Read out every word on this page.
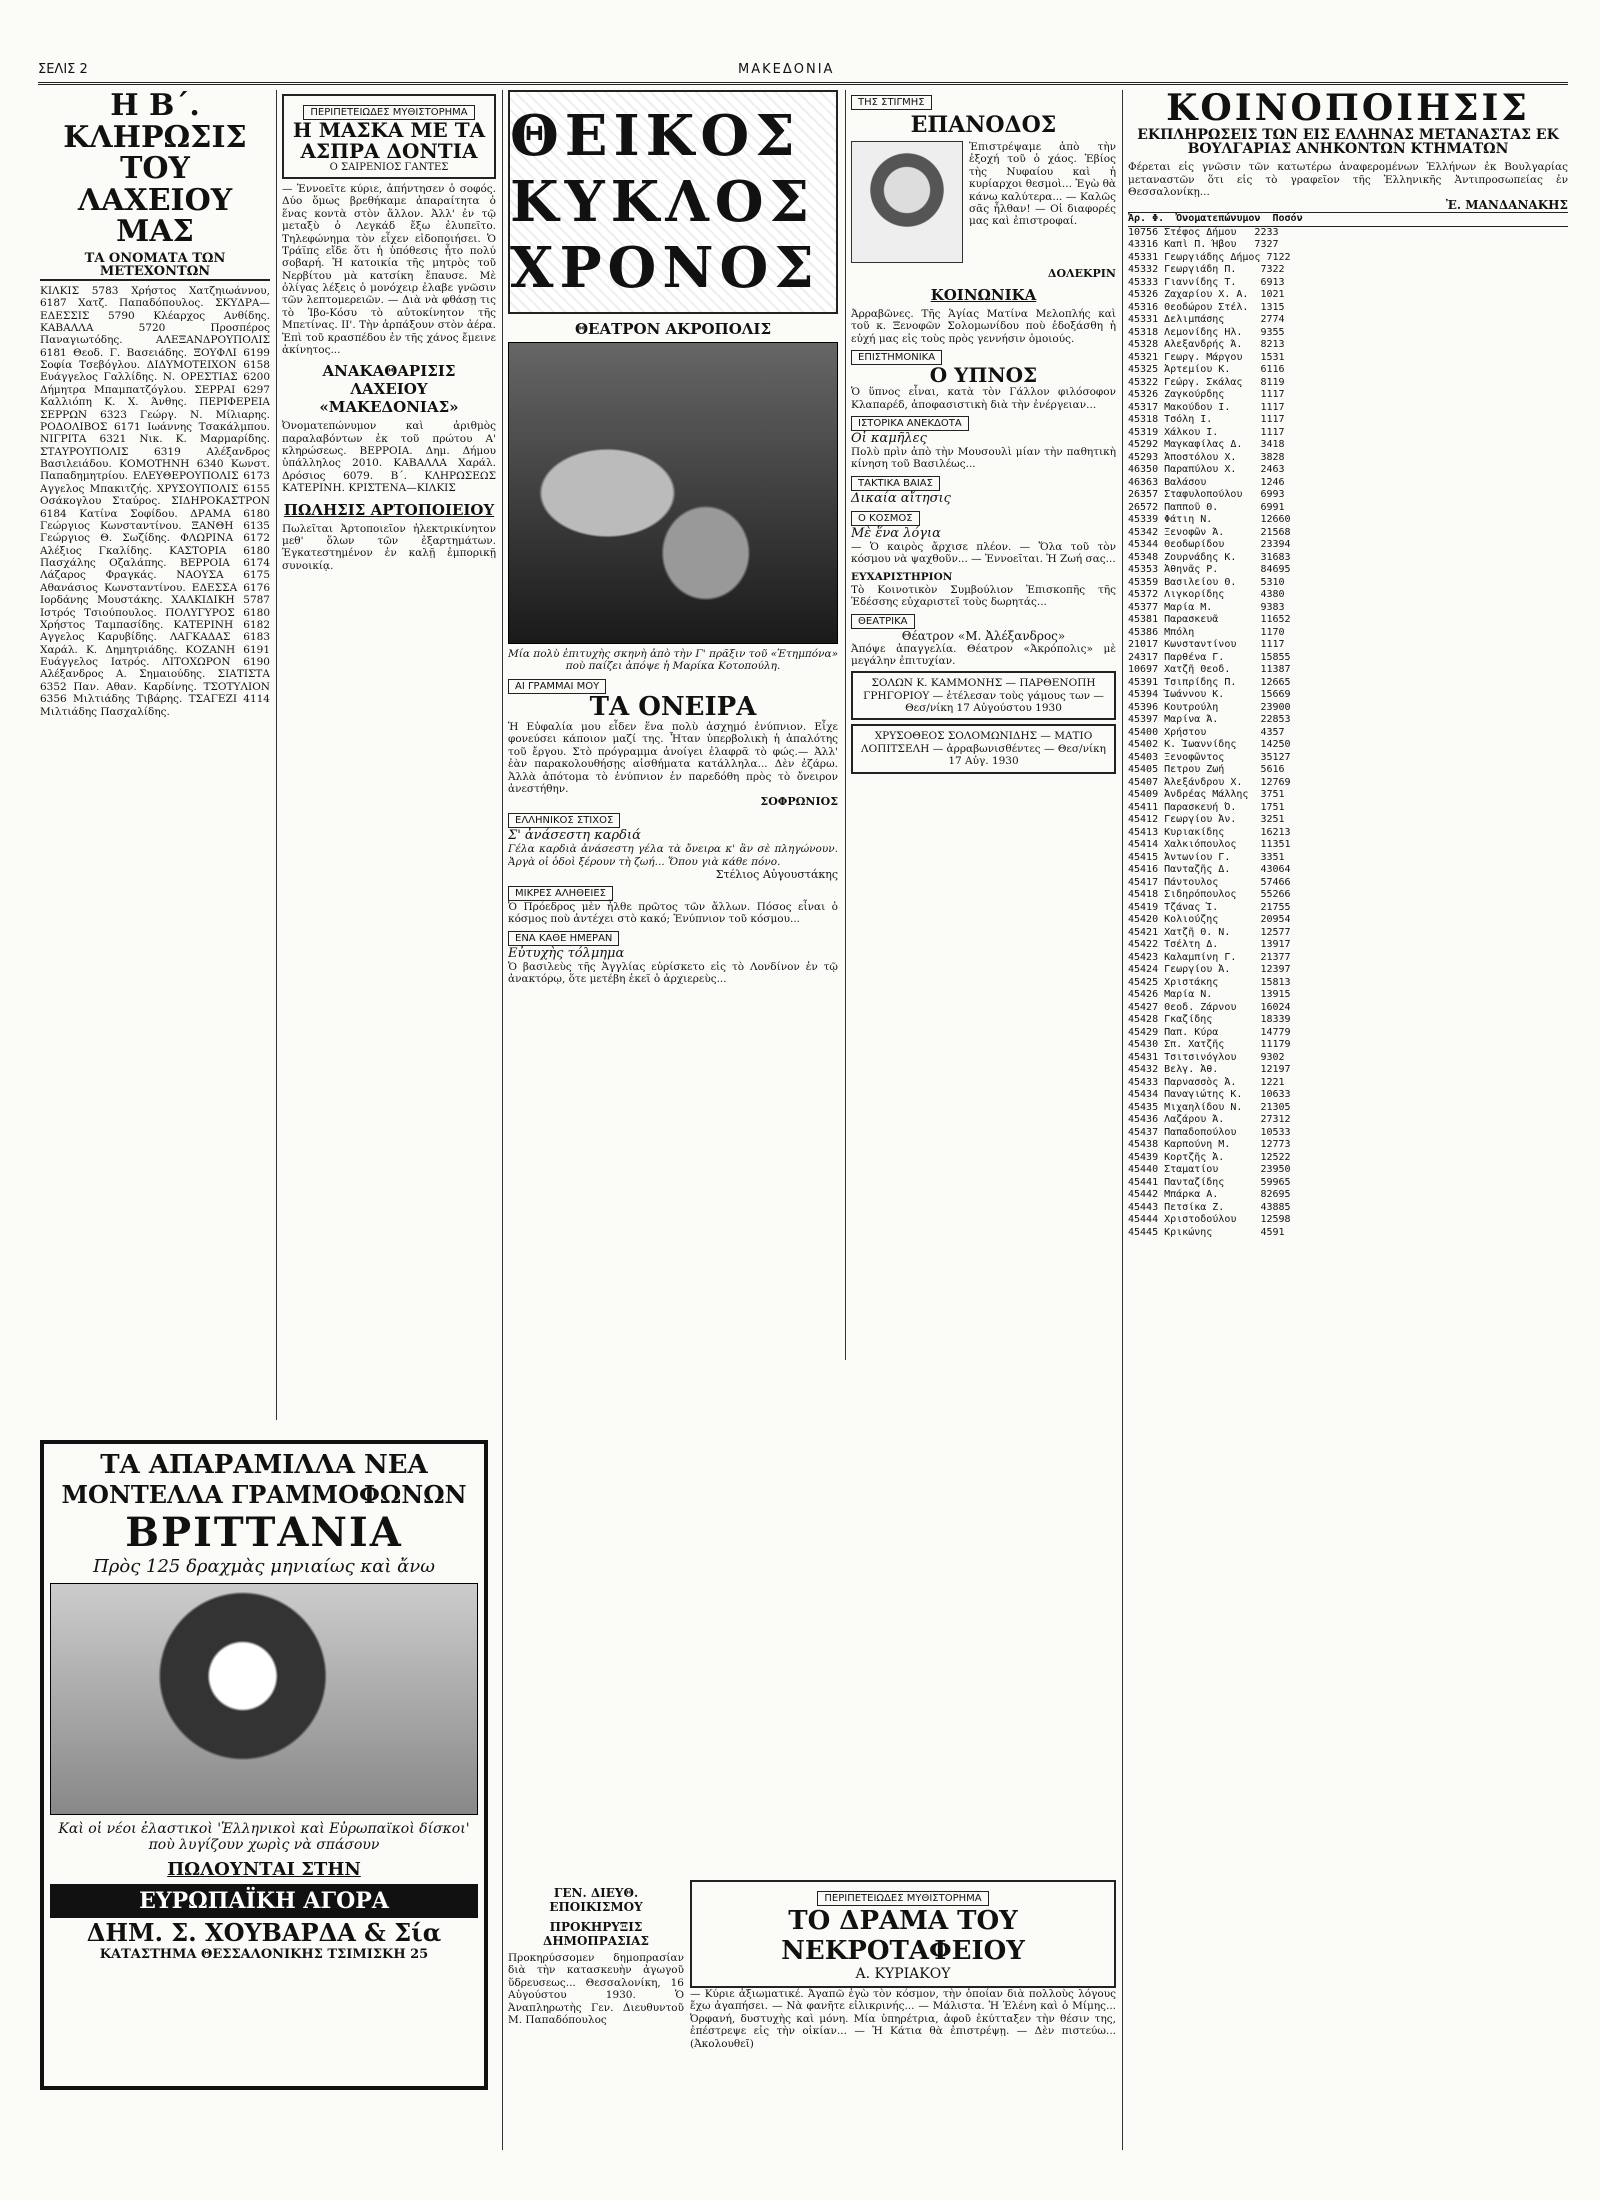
ΣΕΛΙΣ 2	ΜΑΚΕΔΟΝΙΑ
Η Β΄. ΚΛΗΡΩΣΙΣ
ΤΟΥ ΛΑΧΕΙΟΥ ΜΑΣ
ΤΑ ΟΝΟΜΑΤΑ ΤΩΝ ΜΕΤΕΧΟΝΤΩΝ
ΚΙΛΚΙΣ 5783 Χρήστος Χατζηιωάννου, 6187 Χατζ. Παπαδόπουλος. ΣΚΥΔΡΑ—ΕΔΕΣΣΙΣ 5790 Κλέαρχος Ανθίδης. ΚΑΒΑΛΛΑ 5720 Προσπέρος Παναγιωτόδης. ΑΛΕΞΑΝΔΡΟΥΠΟΛΙΣ 6181 Θεοδ. Γ. Βασειάδης. ΞΟΥΦΛΙ 6199 Σοφία Τσεβόγλου. ΔΙΔΥΜΟΤΕΙΧΟΝ 6158 Ευάγγελος Γαλλίδης. Ν. ΟΡΕΣΤΙΑΣ 6200 Δήμητρα Μπαμπατζόγλου. ΣΕΡΡΑΙ 6297 Καλλιόπη Κ. Χ. Άνθης. ΠΕΡΙΦΕΡΕΙΑ ΣΕΡΡΩΝ 6323 Γεώργ. Ν. Μίλιαρης. ΡΟΔΟΛΙΒΟΣ 6171 Ιωάννης Τσακάλμπου. ΝΙΓΡΙΤΑ 6321 Νικ. Κ. Μαρμαρίδης. ΣΤΑΥΡΟΥΠΟΛΙΣ 6319 Αλέξανδρος Βασιλειάδου. ΚΟΜΟΤΗΝΗ 6340 Κωνστ. Παπαδημητρίου. ΕΛΕΥΘΕΡΟΥΠΟΛΙΣ 6173 Αγγελος Μπακιτζής. ΧΡΥΣΟΥΠΟΛΙΣ 6155 Οσάκογλου Σταύρος. ΣΙΔΗΡΟΚΑΣΤΡΟΝ 6184 Κατίνα Σοφίδου. ΔΡΑΜΑ 6180 Γεώργιος Κωνσταντίνου. ΞΑΝΘΗ 6135 Γεώργιος Θ. Σωζίδης. ΦΛΩΡΙΝΑ 6172 Αλέξιος Γκαλίδης. ΚΑΣΤΟΡΙΑ 6180 Πασχάλης Οζαλάπης. ΒΕΡΡΟΙΑ 6174 Λάζαρος Φραγκάς. ΝΑΟΥΣΑ 6175 Αθανάσιος Κωνσταντίνου. ΕΔΕΣΣΑ 6176 Ιορδάνης Μουστάκης. ΧΑΛΚΙΔΙΚΗ 5787 Ιστρός Τσιούπουλος. ΠΟΛΥΓΥΡΟΣ 6180 Χρήστος Ταμπασίδης. ΚΑΤΕΡΙΝΗ 6182 Αγγελος Καρυβίδης. ΛΑΓΚΑΔΑΣ 6183 Χαράλ. Κ. Δημητριάδης. ΚΟΖΑΝΗ 6191 Ευάγγελος Ιατρός. ΛΙΤΟΧΩΡΟΝ 6190 Αλέξανδρος Α. Σημαιούδης. ΣΙΑΤΙΣΤΑ 6352 Παν. Αθαν. Καρδίνης. ΤΣΟΤΥΛΙΟΝ 6356 Μιλτιάδης Τιβάρης. ΤΣΑΓΕΖΙ 4114 Μιλτιάδης Πασχαλίδης.
ΤΑ ΑΠΑΡΑΜΙΛΛΑ ΝΕΑ
ΜΟΝΤΕΛΛΑ ΓΡΑΜΜΟΦΩΝΩΝ
ΒΡΙΤΤΑΝΙΑ
Πρὸς 125 δραχμὰς μηνιαίως καὶ ἄνω
Καὶ οἱ νέοι ἐλαστικοὶ 'Ἑλληνικοὶ καὶ Εὐρωπαϊκοὶ δίσκοι' ποὺ λυγίζουν χωρὶς νὰ σπάσουν
ΠΩΛΟΥΝΤΑΙ ΣΤΗΝ
ΕΥΡΩΠΑΪΚΗ ΑΓΟΡΑ
ΔΗΜ. Σ. ΧΟΥΒΑΡΔΑ & Σία
ΚΑΤΑΣΤΗΜΑ ΘΕΣΣΑΛΟΝΙΚΗΣ ΤΣΙΜΙΣΚΗ 25
ΠΕΡΙΠΕΤΕΙΩΔΕΣ ΜΥΘΙΣΤΟΡΗΜΑ
Η ΜΑΣΚΑ ΜΕ ΤΑ ΑΣΠΡΑ ΔΟΝΤΙΑ
Ο ΣΑΙΡΕΝΙΟΣ ΓΑΝΤΕΣ
— Ἐννοεῖτε κύριε, ἀπήντησεν ὁ σοφός. Δύο ὅμως βρεθήκαμε ἀπαραίτητα ὁ ἕνας κοντὰ στὸν ἄλλον. Ἀλλ' ἐν τῷ μεταξὺ ὁ Λεγκάδ ἔξω ἐλυπεῖτο. Τηλεφώνημα τὸν εἶχεν εἰδοποιήσει. Ὁ Τράϊπς εἴδε ὅτι ἡ ὑπόθεσις ἦτο πολύ σοβαρή. Ἡ κατοικία τῆς μητρὸς τοῦ Νερβίτου μὰ κατσίκη ἔπαυσε. Μὲ ὀλίγας λέξεις ὁ μονόχειρ ἐλαβε γνῶσιν τῶν λεπτομερειῶν. — Διὰ νὰ φθάσῃ τις τὸ Ἰβο-Κόσυ τὸ αὐτοκίνητον τῆς Μπετίνας. ΙΙ'. Τὴν ἁρπάξουν στὸν ἀέρα. Ἐπὶ τοῦ κρασπέδου ἐν τῆς χάνος ἔμεινε ἀκίνητος...
ΑΝΑΚΑΘΑΡΙΣΙΣ ΛΑΧΕΙΟΥ «ΜΑΚΕΔΟΝΙΑΣ»
Ὀνοματεπώνυμον καὶ ἀριθμὸς παραλαβόντων ἐκ τοῦ πρώτου Α' κληρώσεως. ΒΕΡΡΟΙΑ. Δημ. Δήμου ὑπάλληλος 2010. ΚΑΒΑΛΛΑ Χαράλ. Δρόσιος 6079. Β΄. ΚΛΗΡΩΣΕΩΣ ΚΑΤΕΡΙΝΗ. ΚΡΙΣΤΕΝΑ—ΚΙΛΚΙΣ
ΠΩΛΗΣΙΣ ΑΡΤΟΠΟΙΕΙΟΥ
Πωλεῖται Ἀρτοποιεῖον ἠλεκτρικίνητον μεθ' ὅλων τῶν ἐξαρτημάτων. Ἐγκατεστημένον ἐν καλῇ ἐμπορικῇ συνοικίᾳ.
ΘΕΙΚΟΣ ΚΥΚΛΟΣ ΧΡΟΝΟΣ
ΘΕΑΤΡΟΝ ΑΚΡΟΠΟΛΙΣ
Μία πολὺ ἐπιτυχὴς σκηνὴ ἀπὸ τὴν Γ' πρᾶξιν τοῦ «Ἐτημπόνα» ποὺ παίζει ἀπόψε ἡ Μαρίκα Κοτοπούλη.
ΑΙ ΓΡΑΜΜΑΙ ΜΟΥ
ΤΑ ΟΝΕΙΡΑ
Ἡ Εὐφαλία μου εἶδεν ἕνα πολὺ ἀσχημό ἐνύπνιον. Εἶχε φονεύσει κάποιον μαζί της. Ἦταν ὑπερβολικὴ ἡ ἀπαλότης τοῦ ἔργου. Στὸ πρόγραμμα ἀνοίγει ἐλαφρᾶ τὸ φώς.— Ἀλλ' ἐὰν παρακολουθήσῃς αἰσθήματα κατάλληλα... Δὲν ἐζάρω. Ἀλλὰ ἀπότομα τὸ ἐνύπνιον ἐν παρεδόθη πρὸς τὸ ὄνειρον ἀνεστήθην.
ΣΟΦΡΩΝΙΟΣ
ΕΛΛΗΝΙΚΟΣ ΣΤΙΧΟΣ
Σ' ἀνάσεστη καρδιά
Γέλα καρδιὰ ἀνάσεστη γέλα τὰ ὄνειρα κ' ἂν σὲ πληγώνουν. Ἀργὰ οἱ ὁδοὶ ξέρουν τὴ ζωή... Ὅπου γιὰ κάθε πόνο.
Στέλιος Αὐγουστάκης
ΜΙΚΡΕΣ ΑΛΗΘΕΙΕΣ
Ὁ Πρόεδρος μὲν ἦλθε πρῶτος τῶν ἄλλων. Πόσος εἶναι ὁ κόσμος ποὺ ἀντέχει στὸ κακό; Ἐνύπνιον τοῦ κόσμου...
ΕΝΑ ΚΑΘΕ ΗΜΕΡΑΝ
Εὐτυχὴς τόλμημα
Ὁ βασιλεὺς τῆς Ἀγγλίας εὑρίσκετο εἰς τὸ Λονδίνον ἐν τῷ ἀνακτόρῳ, ὅτε μετέβη ἐκεῖ ὁ ἀρχιερεὺς...
ΤΗΣ ΣΤΙΓΜΗΣ
ΕΠΑΝΟΔΟΣ
Ἐπιστρέψαμε ἀπὸ τὴν ἐξοχή τοῦ ὁ χάος. Ἐβίος τὴς Νυφαίου καὶ ἡ κυρίαρχοι θεσμοὶ... Ἐγὼ θὰ κάνω καλύτερα... — Καλῶς σᾶς ἦλθαν! — Οἱ διαφορές μας καὶ ἐπιστροφαί.
ΔΟΛΕΚΡΙΝ
ΚΟΙΝΩΝΙΚΑ
Ἀρραβῶνες. Τῆς Ἁγίας Ματίνα Μελοπλής καὶ τοῦ κ. Ξενοφῶν Σολομωνίδου ποὺ ἐδοξάσθη ἡ εὐχή μας εἰς τοὺς πρὸς γεννήσιν ὁμοιούς.
ΕΠΙΣΤΗΜΟΝΙΚΑ
Ο ΥΠΝΟΣ
Ὁ ὕπνος εἶναι, κατὰ τὸν Γάλλον φιλόσοφον Κλαπαρέδ, ἀποφασιστικὴ διὰ τὴν ἐνέργειαν...
ΙΣΤΟΡΙΚΑ ΑΝΕΚΔΟΤΑ
Οἱ καμῆλες
Πολὺ πρὶν ἀπὸ τὴν Μουσουλὶ μίαν τὴν παθητικὴ κίνηση τοῦ Βασιλέως...
ΤΑΚΤΙΚΑ ΒΑΙΑΣ
Δικαία αἴτησις
Ο ΚΟΣΜΟΣ
Μὲ ἕνα λόγια
— Ὁ καιρὸς ἄρχισε πλέον. — Ὅλα τοῦ τὸν κόσμου νὰ ψαχθοῦν... — Ἐννοεῖται. Ἡ Ζωή σας...
ΕΥΧΑΡΙΣΤΗΡΙΟΝ
Τὸ Κοινοτικὸν Συμβούλιον Ἐπισκοπῆς τῆς Ἐδέσσης εὐχαριστεῖ τοὺς δωρητάς...
ΘΕΑΤΡΙΚΑ
Θέατρον «Μ. Ἀλέξανδρος»
Ἀπόψε ἀπαγγελία. Θέατρον «Ἀκρόπολις» μὲ μεγάλην ἐπιτυχίαν.
ΣΟΛΩΝ Κ. ΚΑΜΜΟΝΗΣ — ΠΑΡΘΕΝΟΠΗ ΓΡΗΓΟΡΙΟΥ — ἐτέλεσαν τοὺς γάμους των — Θεσ/νίκη 17 Αὐγούστου 1930
ΧΡΥΣΟΘΕΟΣ ΣΟΛΟΜΩΝΙΔΗΣ — ΜΑΤΙΟ ΛΟΠΙΤΣΕΛΗ — ἀρραβωνισθέντες — Θεσ/νίκη 17 Αὐγ. 1930
ΚΟΙΝΟΠΟΙΗΣΙΣ
ΕΚΠΛΗΡΩΣΕΙΣ ΤΩΝ ΕΙΣ ΕΛΛΗΝΑΣ ΜΕΤΑΝΑΣΤΑΣ ΕΚ ΒΟΥΛΓΑΡΙΑΣ ΑΝΗΚΟΝΤΩΝ ΚΤΗΜΑΤΩΝ
Φέρεται εἰς γνῶσιν τῶν κατωτέρω ἀναφερομένων Ἑλλήνων ἐκ Βουλγαρίας μεταναστῶν ὅτι εἰς τὸ γραφεῖον τῆς Ἑλληνικῆς Ἀντιπροσωπείας ἐν Θεσσαλονίκῃ...
Ἐ. ΜΑΝΔΑΝΑΚΗΣ
Ἀρ. Φ.  Ὀνοματεπώνυμον  Ποσόν
10756 Στέφος Δήμου   2233
43316 Καπὶ Π. Ήβου   7327
45331 Γεωργιάδης Δήμος 7122
45332 Γεωργιάδη Π.    7322
45333 Γιαννίδης Τ.    6913
45326 Ζαχαρίου Χ. Α.  1021
45316 Θεοδώρου Στέλ.  1315
45331 Δελιμπάσης      2774
45318 Λεμονίδης Ηλ.   9355
45328 Αλεξανδρής Ά.   8213
45321 Γεωργ. Μάργου   1531
45325 Ἀρτεμίου Κ.     6116
45322 Γεώργ. Σκάλας   8119
45326 Ζαγκούρδης      1117
45317 Μακούδου Ι.     1117
45318 Τσόλη Ι.        1117
45319 Χάλκου Ι.       1117
45292 Μαγκαφίλας Δ.   3418
45293 Ἀποστόλου Χ.    3828
46350 Παραπύλου Χ.    2463
46363 Βαλάσου         1246
26357 Σταφυλοπούλου   6993
26572 Παπποῦ Θ.       6991
45339 Φάτιη Ν.        12660
45342 Ξενοφῶν Ά.      21568
45344 Θεοδωρίδου      23394
45348 Ζουρνάδης Κ.    31683
45353 Ἀθηνᾶς Ρ.       84695
45359 Βασιλείου Θ.    5310
45372 Λιγκορίδης      4380
45377 Μαρία Μ.        9383
45381 Παρασκευᾶ       11652
45386 Μπόλη           1170
21017 Κωνσταντίνου    1117
24317 Παρθένα Γ.      15855
10697 Χατζῆ Θεοδ.     11387
45391 Τσιπρίδης Π.    12665
45394 Ἰωάννου Κ.      15669
45396 Κουτρούλη       23900
45397 Μαρίνα Ά.       22853
45400 Χρήστου         4357
45402 Κ. Ἰωαννίδης    14250
45403 Ξενοφῶντος      35127
45405 Πετρου Ζωή      5616
45407 Ἀλεξάνδρου Χ.   12769
45409 Ἀνδρέας Μάλλης  3751
45411 Παρασκευή Ό.    1751
45412 Γεωργίου Ἀν.    3251
45413 Κυριακίδης      16213
45414 Χαλκιόπουλος    11351
45415 Ἀντωνίου Γ.     3351
45416 Πανταζῆς Δ.     43064
45417 Πάντουλος       57466
45418 Σιδηρόπουλος    55266
45419 Τζάνας Ἰ.       21755
45420 Κολιούζης       20954
45421 Χατζῆ Θ. Ν.     12577
45422 Τσέλτη Δ.       13917
45423 Καλαμπίνη Γ.    21377
45424 Γεωργίου Ἀ.     12397
45425 Χριστάκης       15813
45426 Μαρία Ν.        13915
45427 Θεοδ. Ζάρνου    16024
45428 Γκαζίδης        18339
45429 Παπ. Κύρα       14779
45430 Σπ. Χατζῆς      11179
45431 Τσιτσινόγλου    9302
45432 Βελγ. Ἀθ.       12197
45433 Παρνασσὸς Ἀ.    1221
45434 Παναγιώτης Κ.   10633
45435 Μιχαηλίδου Ν.   21305
45436 Λαζάρου Ά.      27312
45437 Παπαδοπούλου    10533
45438 Καρπούνη Μ.     12773
45439 Κορτζῆς Ἀ.      12522
45440 Σταματίου       23950
45441 Πανταζίδης      59965
45442 Μπάρκα Α.       82695
45443 Πετσίκα Ζ.      43885
45444 Χριστοδούλου    12598
45445 Κρικώνης        4591
ΠΕΡΙΠΕΤΕΙΩΔΕΣ ΜΥΘΙΣΤΟΡΗΜΑ
ΤΟ ΔΡΑΜΑ ΤΟΥ ΝΕΚΡΟΤΑΦΕΙΟΥ
Α. ΚΥΡΙΑΚΟΥ
— Κύριε ἀξιωματικέ. Ἀγαπῶ ἐγὼ τὸν κόσμον, τὴν ὁποίαν διὰ πολλοὺς λόγους ἔχω ἀγαπήσει. — Νὰ φανῆτε εἰλικρινής... — Μάλιστα. Ἡ Ἑλένη καὶ ὁ Μίμης... Ὀρφανή, δυστυχὴς καὶ μόνη. Μία ὑπηρέτρια, ἀφοῦ ἐκύτταξεν τὴν θέσιν της, ἐπέστρεψε εἰς τὴν οἰκίαν... — Ἡ Κάτια θὰ ἐπιστρέψῃ. — Δὲν πιστεύω... (Ἀκολουθεῖ)
ΓΕΝ. ΔΙΕΥΘ. ΕΠΟΙΚΙΣΜΟΥ
ΠΡΟΚΗΡΥΞΙΣ ΔΗΜΟΠΡΑΣΙΑΣ
Προκηρύσσομεν δημοπρασίαν διὰ τὴν κατασκευὴν ἀγωγοῦ ὕδρευσεως... Θεσσαλονίκη, 16 Αὐγούστου 1930. Ὁ Ἀναπληρωτὴς Γεν. Διευθυντοῦ Μ. Παπαδόπουλος
